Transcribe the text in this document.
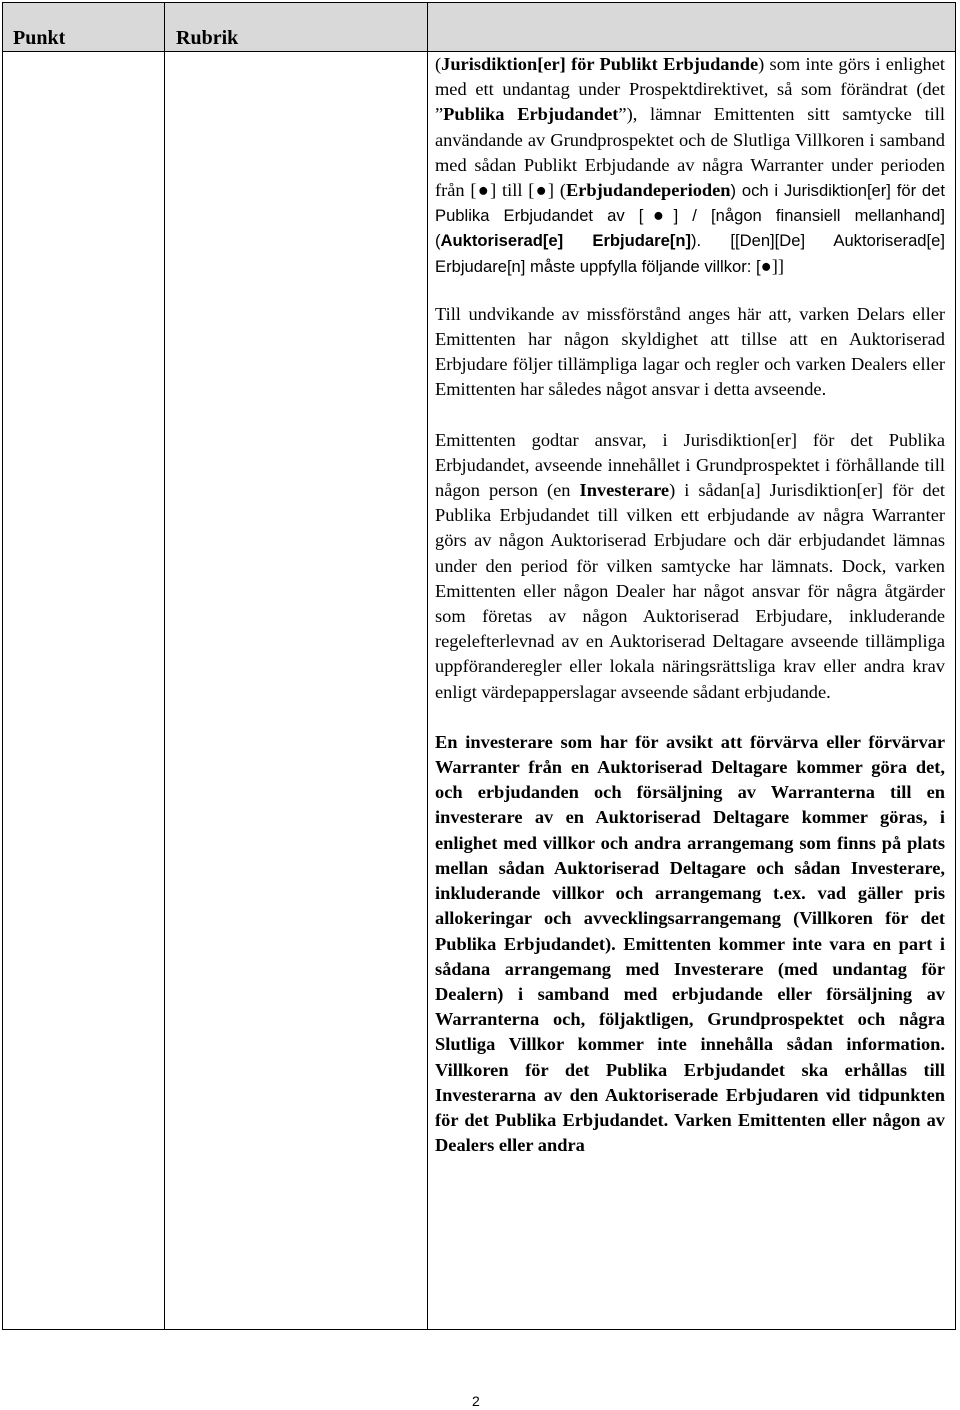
Punkt	Rubrik

(Jurisdiktion[er] för Publikt Erbjudande) som inte görs i enlighet med ett undantag under Prospektdirektivet, så som förändrat (det ”Publika Erbjudandet”), lämnar Emittenten sitt samtycke till användande av Grundprospektet och de Slutliga Villkoren i samband med sådan Publikt Erbjudande av några Warranter under perioden från [●] till [●] (Erbjudandeperioden) och i Jurisdiktion[er] för det Publika Erbjudandet av [●] / [någon finansiell mellanhand] (Auktoriserad[e] Erbjudare[n]). [[Den][De] Auktoriserad[e] Erbjudare[n] måste uppfylla följande villkor: [●]]

Till undvikande av missförstånd anges här att, varken Delars eller Emittenten har någon skyldighet att tillse att en Auktoriserad Erbjudare följer tillämpliga lagar och regler och varken Dealers eller Emittenten har således något ansvar i detta avseende.

Emittenten godtar ansvar, i Jurisdiktion[er] för det Publika Erbjudandet, avseende innehållet i Grundprospektet i förhållande till någon person (en Investerare) i sådan[a] Jurisdiktion[er] för det Publika Erbjudandet till vilken ett erbjudande av några Warranter görs av någon Auktoriserad Erbjudare och där erbjudandet lämnas under den period för vilken samtycke har lämnats. Dock, varken Emittenten eller någon Dealer har något ansvar för några åtgärder som företas av någon Auktoriserad Erbjudare, inkluderande regelefterlevnad av en Auktoriserad Deltagare avseende tillämpliga uppföranderegler eller lokala näringsrättsliga krav eller andra krav enligt värdepapperslagar avseende sådant erbjudande.

En investerare som har för avsikt att förvärva eller förvärvar Warranter från en Auktoriserad Deltagare kommer göra det, och erbjudanden och försäljning av Warranterna till en investerare av en Auktoriserad Deltagare kommer göras, i enlighet med villkor och andra arrangemang som finns på plats mellan sådan Auktoriserad Deltagare och sådan Investerare, inkluderande villkor och arrangemang t.ex. vad gäller pris allokeringar och avvecklingsarrangemang (Villkoren för det Publika Erbjudandet). Emittenten kommer inte vara en part i sådana arrangemang med Investerare (med undantag för Dealern) i samband med erbjudande eller försäljning av Warranterna och, följaktligen, Grundprospektet och några Slutliga Villkor kommer inte innehålla sådan information. Villkoren för det Publika Erbjudandet ska erhållas till Investerarna av den Auktoriserade Erbjudaren vid tidpunkten för det Publika Erbjudandet. Varken Emittenten eller någon av Dealers eller andra

2
